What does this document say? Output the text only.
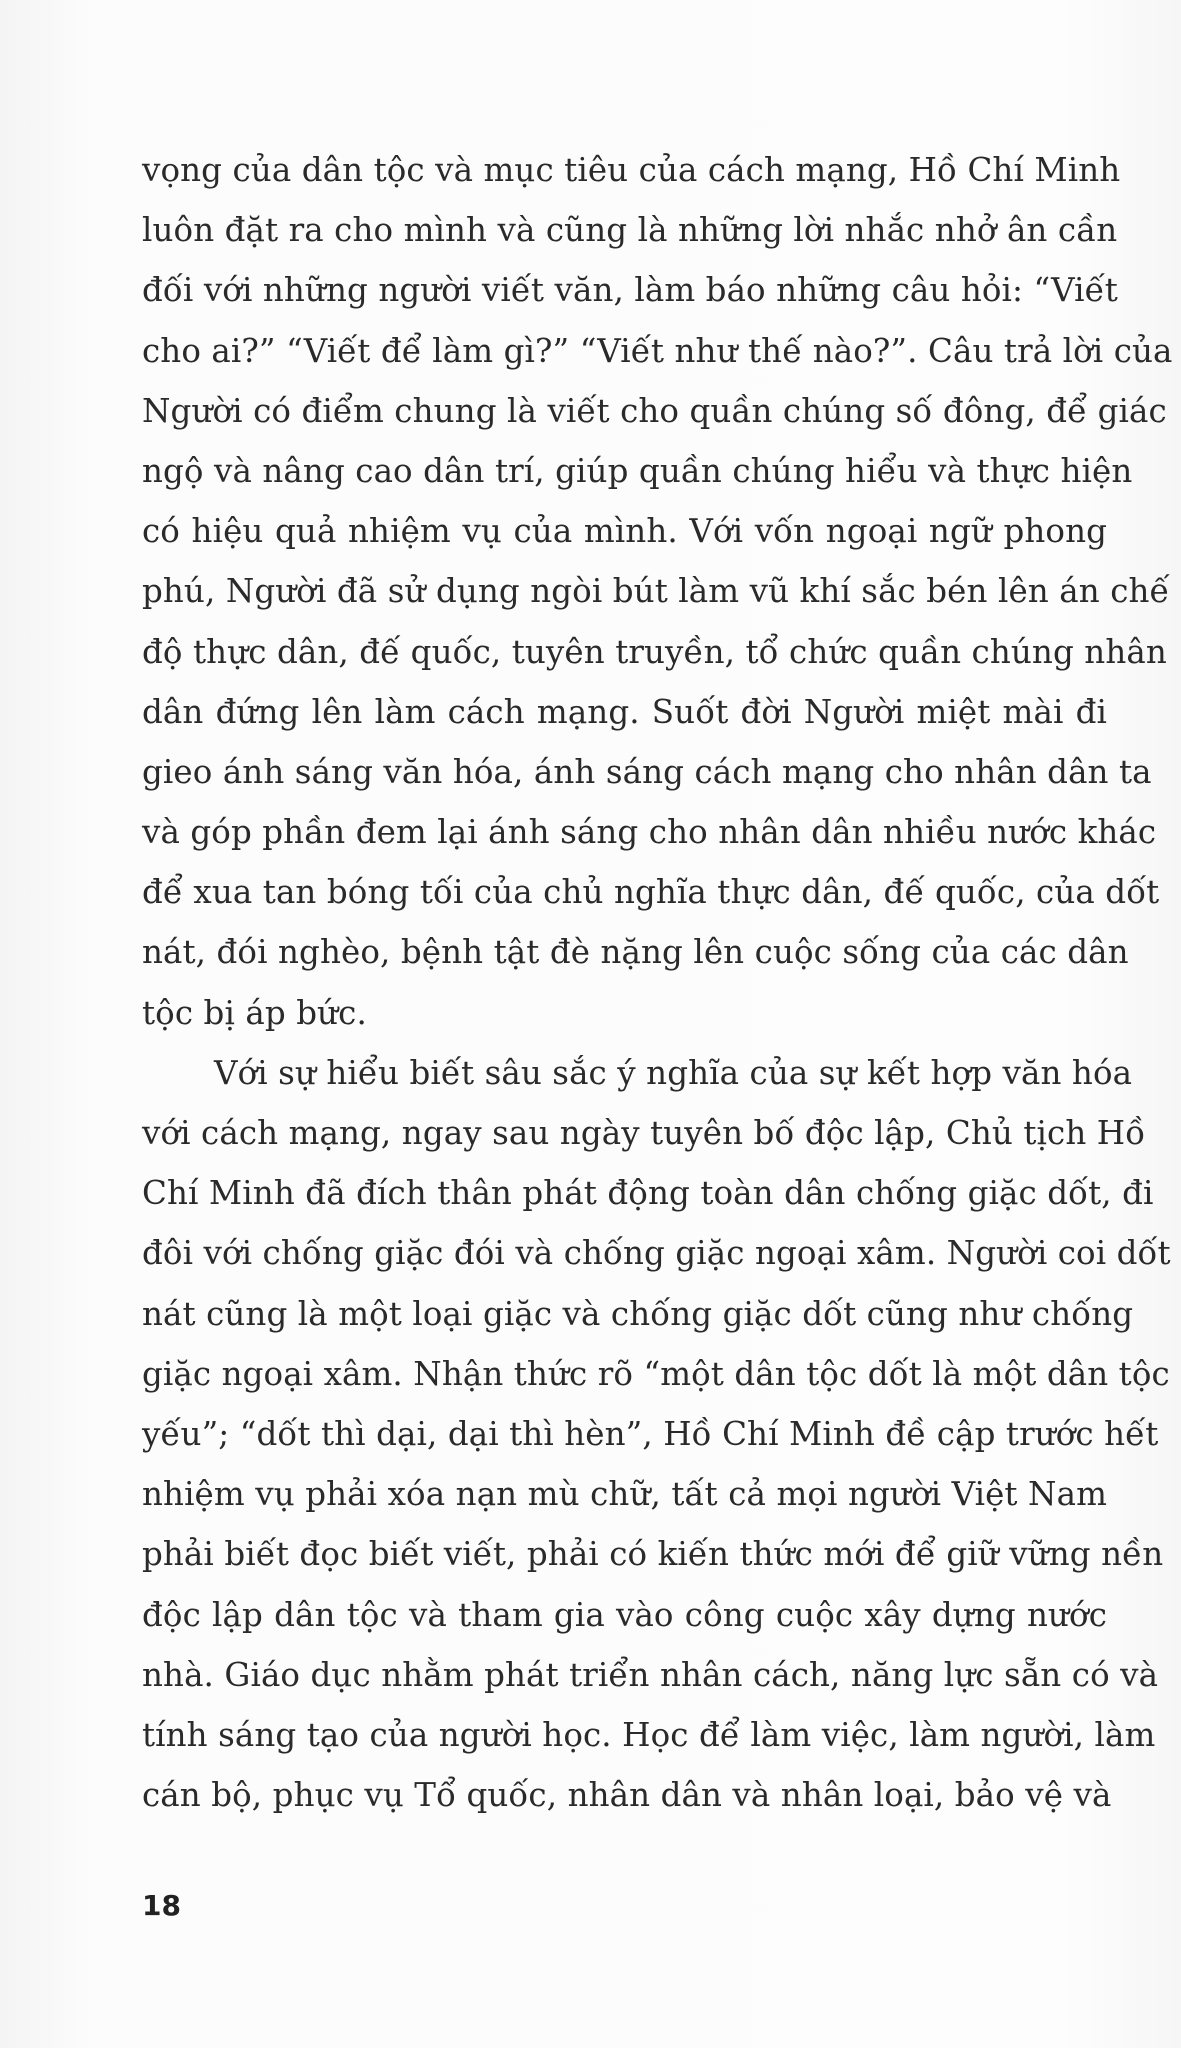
vọng của dân tộc và mục tiêu của cách mạng, Hồ Chí Minh
luôn đặt ra cho mình và cũng là những lời nhắc nhở ân cần
đối với những người viết văn, làm báo những câu hỏi: “Viết
cho ai?” “Viết để làm gì?” “Viết như thế nào?”. Câu trả lời của
Người có điểm chung là viết cho quần chúng số đông, để giác
ngộ và nâng cao dân trí, giúp quần chúng hiểu và thực hiện
có hiệu quả nhiệm vụ của mình. Với vốn ngoại ngữ phong
phú, Người đã sử dụng ngòi bút làm vũ khí sắc bén lên án chế
độ thực dân, đế quốc, tuyên truyền, tổ chức quần chúng nhân
dân đứng lên làm cách mạng. Suốt đời Người miệt mài đi
gieo ánh sáng văn hóa, ánh sáng cách mạng cho nhân dân ta
và góp phần đem lại ánh sáng cho nhân dân nhiều nước khác
để xua tan bóng tối của chủ nghĩa thực dân, đế quốc, của dốt
nát, đói nghèo, bệnh tật đè nặng lên cuộc sống của các dân
tộc bị áp bức.
Với sự hiểu biết sâu sắc ý nghĩa của sự kết hợp văn hóa
với cách mạng, ngay sau ngày tuyên bố độc lập, Chủ tịch Hồ
Chí Minh đã đích thân phát động toàn dân chống giặc dốt, đi
đôi với chống giặc đói và chống giặc ngoại xâm. Người coi dốt
nát cũng là một loại giặc và chống giặc dốt cũng như chống
giặc ngoại xâm. Nhận thức rõ “một dân tộc dốt là một dân tộc
yếu”; “dốt thì dại, dại thì hèn”, Hồ Chí Minh đề cập trước hết
nhiệm vụ phải xóa nạn mù chữ, tất cả mọi người Việt Nam
phải biết đọc biết viết, phải có kiến thức mới để giữ vững nền
độc lập dân tộc và tham gia vào công cuộc xây dựng nước
nhà. Giáo dục nhằm phát triển nhân cách, năng lực sẵn có và
tính sáng tạo của người học. Học để làm việc, làm người, làm
cán bộ, phục vụ Tổ quốc, nhân dân và nhân loại, bảo vệ và
18
